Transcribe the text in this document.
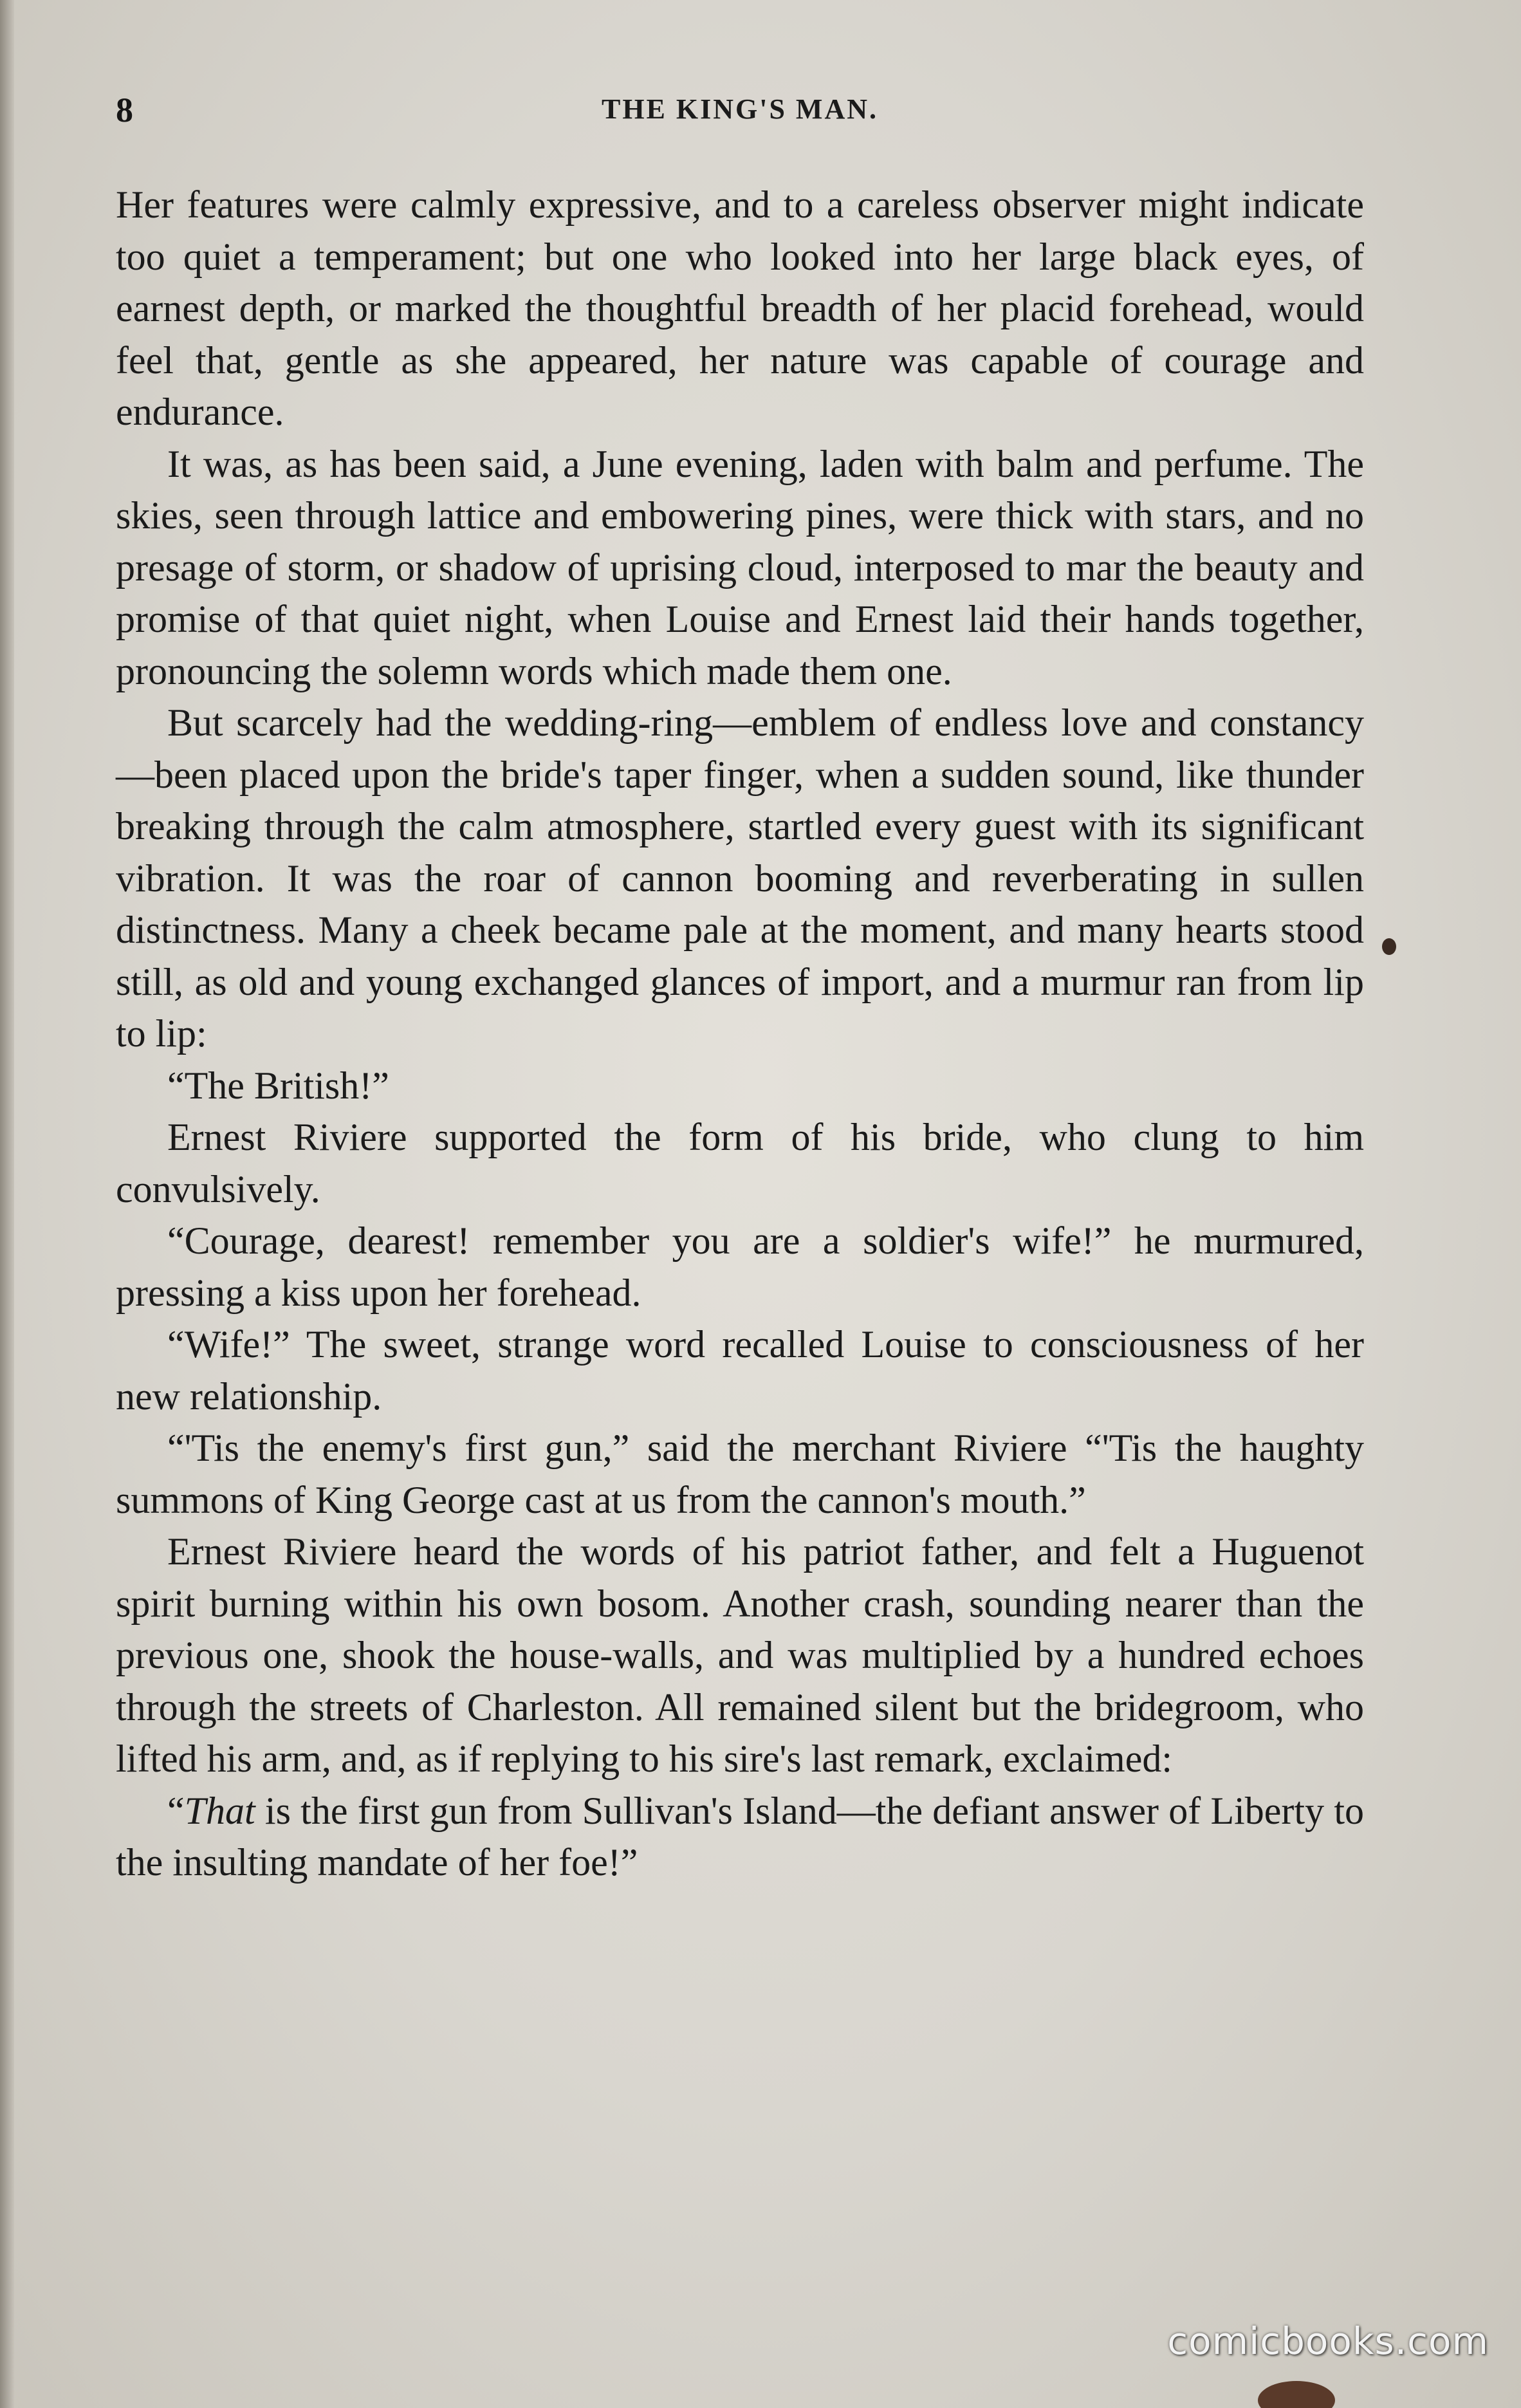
8	THE KING'S MAN.

Her features were calmly expressive, and to a careless observer might indicate too quiet a temperament; but one who looked into her large black eyes, of earnest depth, or marked the thoughtful breadth of her placid forehead, would feel that, gentle as she appeared, her nature was capable of courage and endurance.

It was, as has been said, a June evening, laden with balm and perfume. The skies, seen through lattice and embowering pines, were thick with stars, and no presage of storm, or shadow of uprising cloud, interposed to mar the beauty and promise of that quiet night, when Louise and Ernest laid their hands together, pronouncing the solemn words which made them one.

But scarcely had the wedding-ring—emblem of endless love and constancy—been placed upon the bride's taper finger, when a sudden sound, like thunder breaking through the calm atmosphere, startled every guest with its significant vibration. It was the roar of cannon booming and reverberating in sullen distinctness. Many a cheek became pale at the moment, and many hearts stood still, as old and young exchanged glances of import, and a murmur ran from lip to lip:

“The British!”

Ernest Riviere supported the form of his bride, who clung to him convulsively.

“Courage, dearest! remember you are a soldier's wife!” he murmured, pressing a kiss upon her forehead.

“Wife!” The sweet, strange word recalled Louise to consciousness of her new relationship.

“'Tis the enemy's first gun,” said the merchant Riviere “'Tis the haughty summons of King George cast at us from the cannon's mouth.”

Ernest Riviere heard the words of his patriot father, and felt a Huguenot spirit burning within his own bosom. Another crash, sounding nearer than the previous one, shook the house-walls, and was multiplied by a hundred echoes through the streets of Charleston. All remained silent but the bridegroom, who lifted his arm, and, as if replying to his sire's last remark, exclaimed:

“That is the first gun from Sullivan's Island—the defiant answer of Liberty to the insulting mandate of her foe!”

comicbooks.com
